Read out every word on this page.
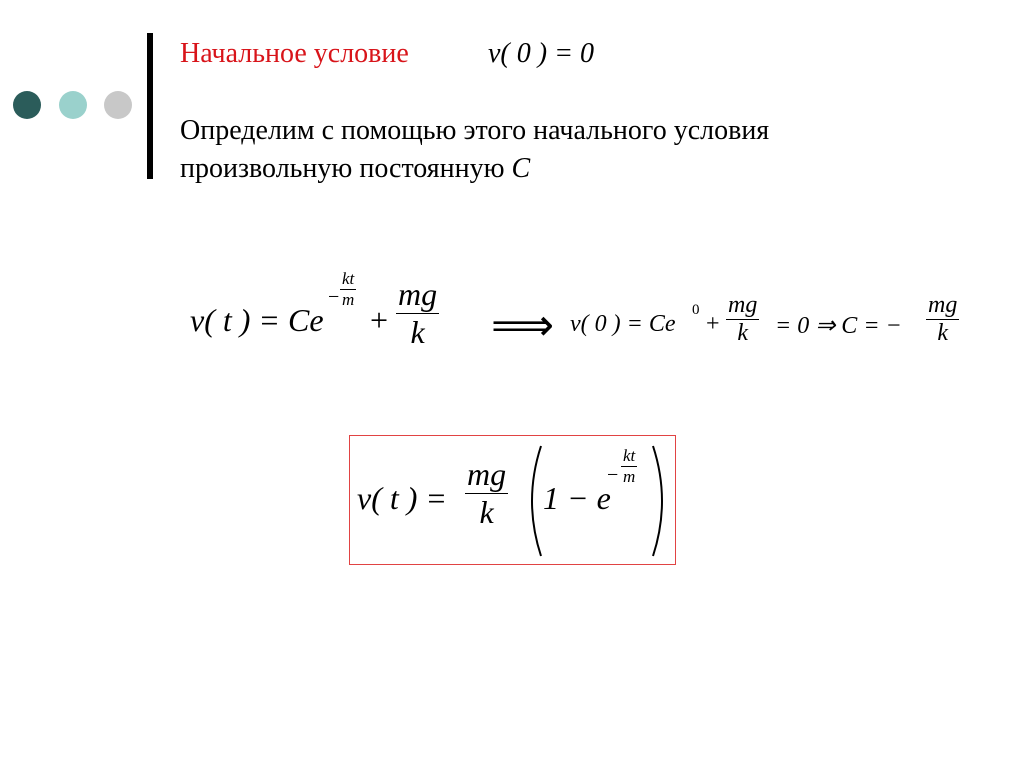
Начальное условие	v( 0 ) = 0
Определим с помощью этого начального условия
произвольную постоянную C
v( t ) = Ce
− $\frac{kt}{m}$
+ $\frac{mg}{k}$ ⟹ v( 0 ) = Ce
0
+ $\frac{mg}{k} = 0$ ⇒ C = − $\frac{mg}{k}$
v( t ) = $\frac{mg}{k} 1 - e$
− $\frac{kt}{m}$
